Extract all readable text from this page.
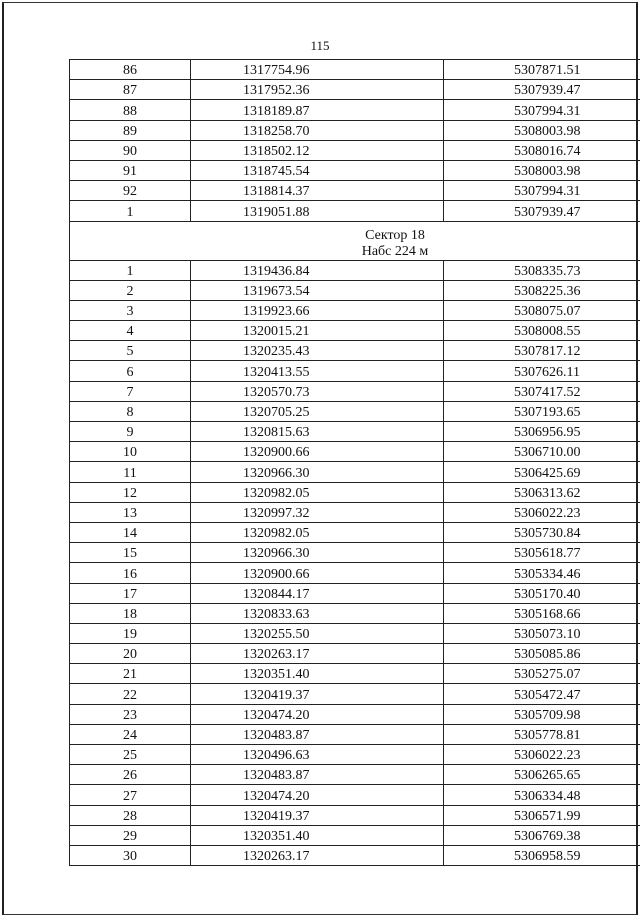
115
86	1317754.96	5307871.51
87	1317952.36	5307939.47
88	1318189.87	5307994.31
89	1318258.70	5308003.98
90	1318502.12	5308016.74
91	1318745.54	5308003.98
92	1318814.37	5307994.31
1	1319051.88	5307939.47

Сектор 18
Набс 224 м		

1	1319436.84	5308335.73
2	1319673.54	5308225.36
3	1319923.66	5308075.07
4	1320015.21	5308008.55
5	1320235.43	5307817.12
6	1320413.55	5307626.11
7	1320570.73	5307417.52
8	1320705.25	5307193.65
9	1320815.63	5306956.95
10	1320900.66	5306710.00
11	1320966.30	5306425.69
12	1320982.05	5306313.62
13	1320997.32	5306022.23
14	1320982.05	5305730.84
15	1320966.30	5305618.77
16	1320900.66	5305334.46
17	1320844.17	5305170.40
18	1320833.63	5305168.66
19	1320255.50	5305073.10
20	1320263.17	5305085.86
21	1320351.40	5305275.07
22	1320419.37	5305472.47
23	1320474.20	5305709.98
24	1320483.87	5305778.81
25	1320496.63	5306022.23
26	1320483.87	5306265.65
27	1320474.20	5306334.48
28	1320419.37	5306571.99
29	1320351.40	5306769.38
30	1320263.17	5306958.59
